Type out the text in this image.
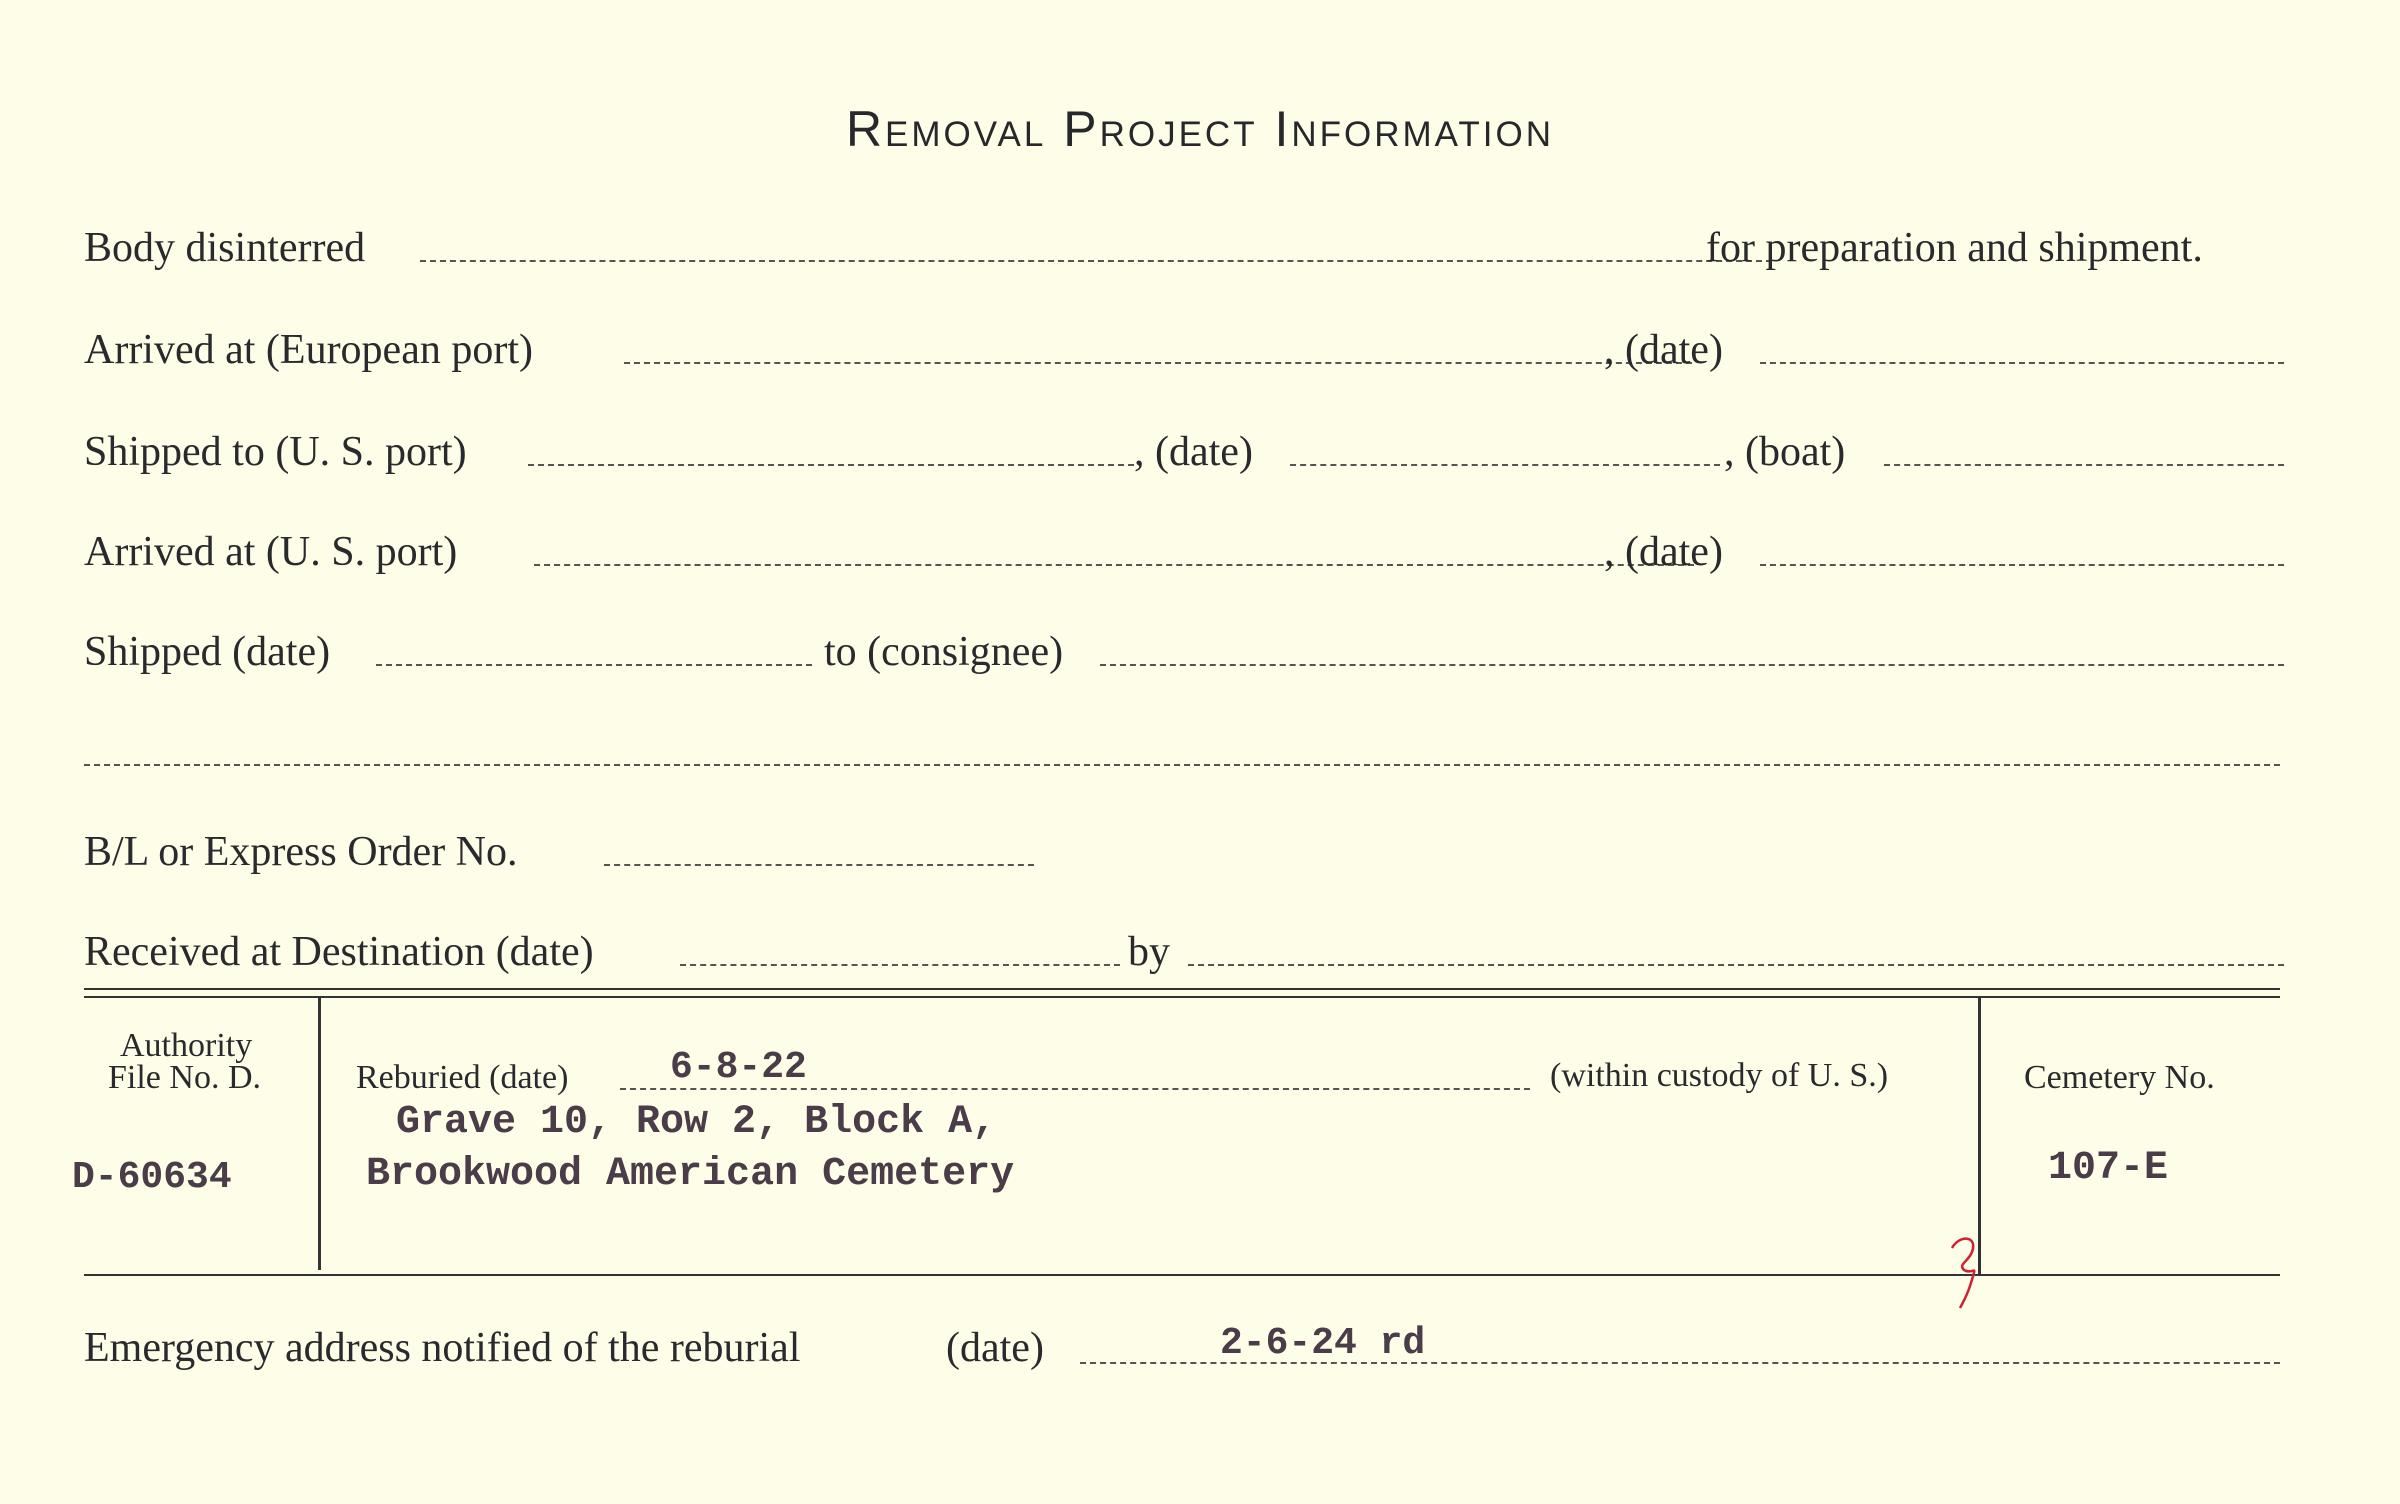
Removal Project Information
Body disinterred	for preparation and shipment.
Arrived at (European port)	, (date)
Shipped to (U. S. port)	, (date)	, (boat)
Arrived at (U. S. port)	, (date)
Shipped (date)	to (consignee)
B/L or Express Order No.
Received at Destination (date)	by
Authority
File No. D.
D-60634
Reburied (date)	6-8-22	(within custody of U. S.)
Grave 10, Row 2, Block A,
Brookwood American Cemetery
Cemetery No.
107-E
Emergency address notified of the reburial	(date)	2-6-24 rd
